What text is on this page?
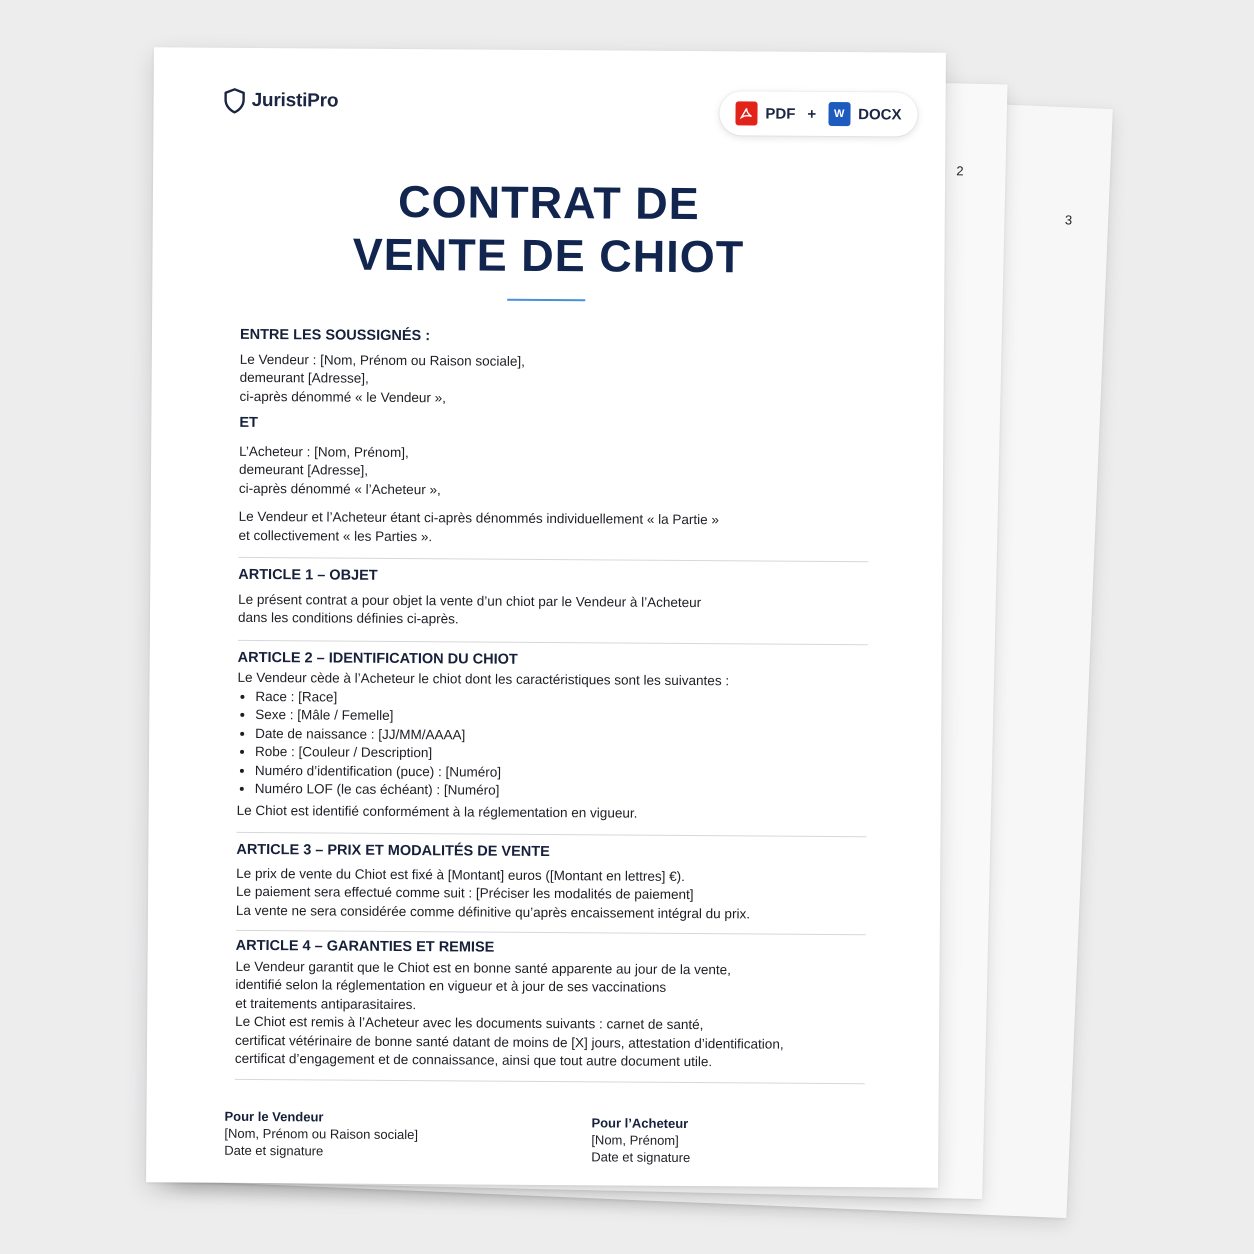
3
2
JuristiPro
PDF +	W DOCX
CONTRAT DE
VENTE DE CHIOT

ENTRE LES SOUSSIGNÉS :

Le Vendeur : [Nom, Prénom ou Raison sociale],

demeurant [Adresse],

ci-après dénommé « le Vendeur »,

ET

L’Acheteur : [Nom, Prénom],

demeurant [Adresse],

ci-après dénommé « l’Acheteur »,

Le Vendeur et l’Acheteur étant ci-après dénommés individuellement « la Partie »

et collectivement « les Parties ».

ARTICLE 1 – OBJET

Le présent contrat a pour objet la vente d’un chiot par le Vendeur à l’Acheteur

dans les conditions définies ci-après.

ARTICLE 2 – IDENTIFICATION DU CHIOT

Le Vendeur cède à l’Acheteur le chiot dont les caractéristiques sont les suivantes :

• Race : [Race]
• Sexe : [Mâle / Femelle]
• Date de naissance : [JJ/MM/AAAA]
• Robe : [Couleur / Description]
• Numéro d’identification (puce) : [Numéro]
• Numéro LOF (le cas échéant) : [Numéro]

Le Chiot est identifié conformément à la réglementation en vigueur.

ARTICLE 3 – PRIX ET MODALITÉS DE VENTE

Le prix de vente du Chiot est fixé à [Montant] euros ([Montant en lettres] €).

Le paiement sera effectué comme suit : [Préciser les modalités de paiement]

La vente ne sera considérée comme définitive qu’après encaissement intégral du prix.

ARTICLE 4 – GARANTIES ET REMISE

Le Vendeur garantit que le Chiot est en bonne santé apparente au jour de la vente,

identifié selon la réglementation en vigueur et à jour de ses vaccinations

et traitements antiparasitaires.

Le Chiot est remis à l’Acheteur avec les documents suivants : carnet de santé,

certificat vétérinaire de bonne santé datant de moins de [X] jours, attestation d’identification,

certificat d’engagement et de connaissance, ainsi que tout autre document utile.

Pour le Vendeur
[Nom, Prénom ou Raison sociale]
Date et signature
Pour l’Acheteur
[Nom, Prénom]
Date et signature
